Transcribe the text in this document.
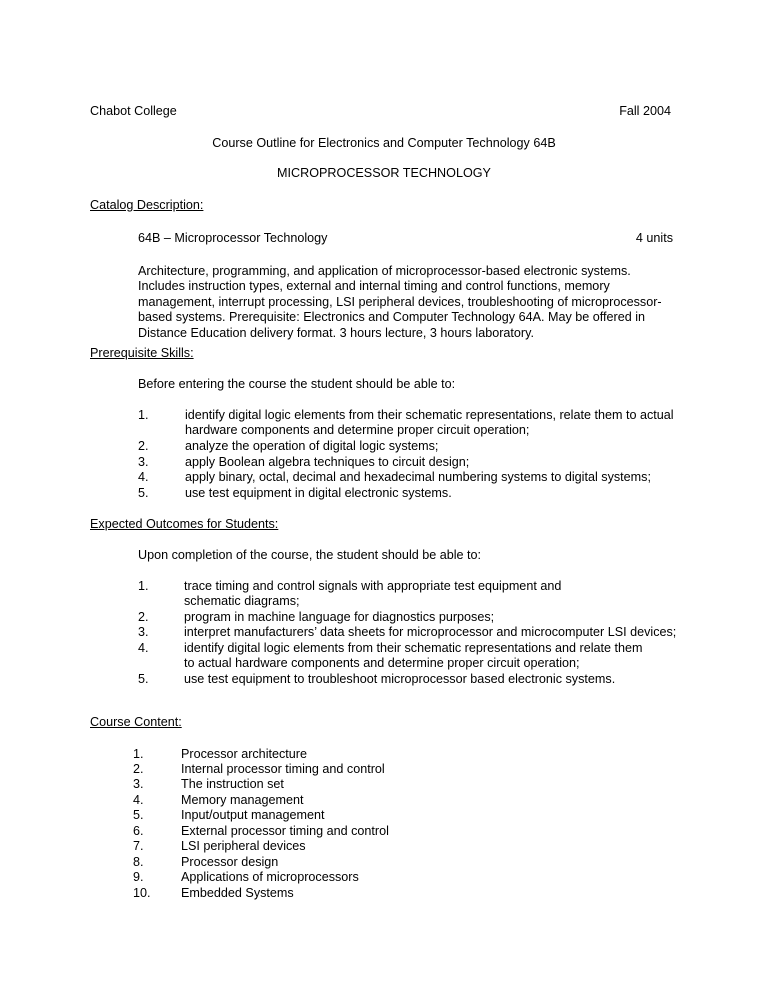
Chabot College	Fall 2004
Course Outline for Electronics and Computer Technology 64B
MICROPROCESSOR TECHNOLOGY
Catalog Description:
64B – Microprocessor Technology	4 units
Architecture, programming, and application of microprocessor-based electronic systems. Includes instruction types, external and internal timing and control functions, memory management, interrupt processing, LSI peripheral devices, troubleshooting of microprocessor-based systems. Prerequisite: Electronics and Computer Technology 64A. May be offered in Distance Education delivery format. 3 hours lecture, 3 hours laboratory.
Prerequisite Skills:
Before entering the course the student should be able to:
1.	identify digital logic elements from their schematic representations, relate them to actual hardware components and determine proper circuit operation;
2.	analyze the operation of digital logic systems;
3.	apply Boolean algebra techniques to circuit design;
4.	apply binary, octal, decimal and hexadecimal numbering systems to digital systems;
5.	use test equipment in digital electronic systems.
Expected Outcomes for Students:
Upon completion of the course, the student should be able to:
1.	trace timing and control signals with appropriate test equipment and schematic diagrams;
2.	program in machine language for diagnostics purposes;
3.	interpret manufacturers’ data sheets for microprocessor and microcomputer LSI devices;
4.	identify digital logic elements from their schematic representations and relate them to actual hardware components and determine proper circuit operation;
5.	use test equipment to troubleshoot microprocessor based electronic systems.
Course Content:
1.	Processor architecture
2.	Internal processor timing and control
3.	The instruction set
4.	Memory management
5.	Input/output management
6.	External processor timing and control
7.	LSI peripheral devices
8.	Processor design
9.	Applications of microprocessors
10. Embedded Systems
